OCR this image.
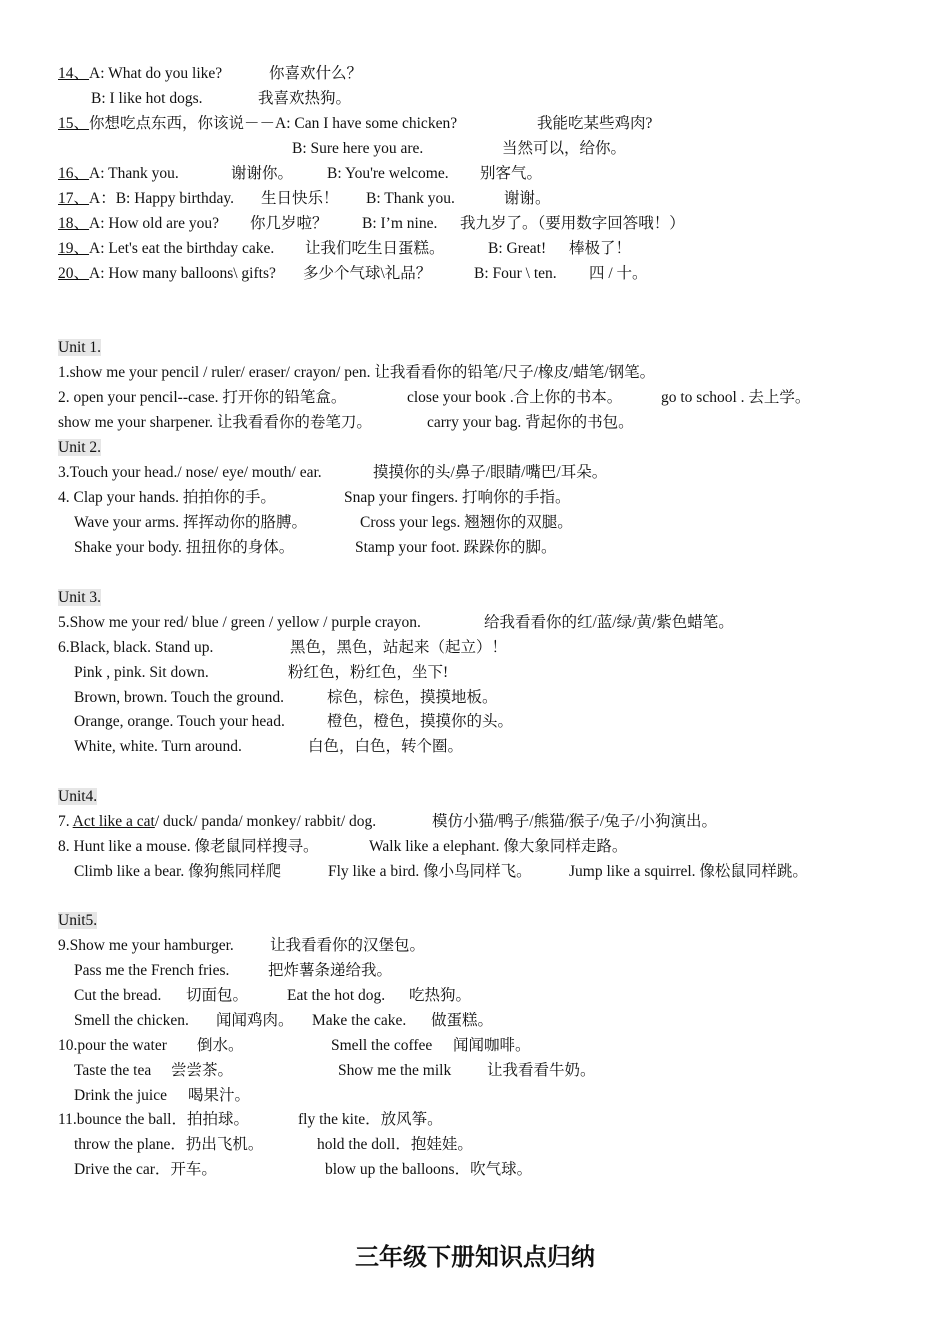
14、A: What do you like?	你喜欢什么？
B: I like hot dogs.	我喜欢热狗。
15、你想吃点东西，你该说－－A: Can I have some chicken?	我能吃某些鸡肉?
B: Sure here you are.	当然可以，给你。
16、A: Thank you.	谢谢你。 B: You're welcome. 别客气。
17、A：B: Happy birthday. 生日快乐！ B: Thank you.	谢谢。
18、A: How old are you? 你几岁啦？ B: I’m nine. 我九岁了。（要用数字回答哦！）
19、A: Let's eat the birthday cake. 让我们吃生日蛋糕。	B: Great! 棒极了！
20、A: How many balloons\ gifts? 多少个气球\礼品？	B: Four \ ten. 四 / 十。
Unit 1.
1.show me your pencil / ruler/ eraser/ crayon/ pen. 让我看看你的铅笔/尺子/橡皮/蜡笔/钢笔。
2. open your pencil--case. 打开你的铅笔盒。	close your book .合上你的书本。 go to school . 去上学。
show me your sharpener. 让我看看你的卷笔刀。	carry your bag. 背起你的书包。
Unit 2.
3.Touch your head./ nose/ eye/ mouth/ ear.	摸摸你的头/鼻子/眼睛/嘴巴/耳朵。
4. Clap your hands. 拍拍你的手。	Snap your fingers. 打响你的手指。
Wave your arms. 挥挥动你的胳膊。	Cross your legs. 翘翘你的双腿。
Shake your body. 扭扭你的身体。	Stamp your foot. 跺跺你的脚。
Unit 3.
5.Show me your red/ blue / green / yellow / purple crayon.	给我看看你的红/蓝/绿/黄/紫色蜡笔。
6.Black, black. Stand up.	黑色，黑色，站起来（起立）！
Pink , pink. Sit down.	粉红色，粉红色，坐下!
Brown, brown. Touch the ground.	棕色，棕色，摸摸地板。
Orange, orange. Touch your head.	橙色，橙色，摸摸你的头。
White, white. Turn around.	白色，白色，转个圈。
Unit4.
7. Act like a cat/ duck/ panda/ monkey/ rabbit/ dog.	模仿小猫/鸭子/熊猫/猴子/兔子/小狗演出。
8. Hunt like a mouse. 像老鼠同样搜寻。	Walk like a elephant. 像大象同样走路。
Climb like a bear. 像狗熊同样爬	Fly like a bird. 像小鸟同样飞。 Jump like a squirrel. 像松鼠同样跳。
Unit5.
9.Show me your hamburger. 让我看看你的汉堡包。
Pass me the French fries. 把炸薯条递给我。
Cut the bread. 切面包。	Eat the hot dog. 吃热狗。
Smell the chicken. 闻闻鸡肉。 Make the cake. 做蛋糕。
10.pour the water 倒水。	Smell the coffee 闻闻咖啡。
Taste the tea 尝尝茶。	Show me the milk 让我看看牛奶。
Drink the juice 喝果汁。
11.bounce the ball．拍拍球。	fly the kite．放风筝。
throw the plane．扔出飞机。	hold the doll．抱娃娃。
Drive the car．开车。	blow up the balloons．吹气球。
三年级下册知识点归纳
